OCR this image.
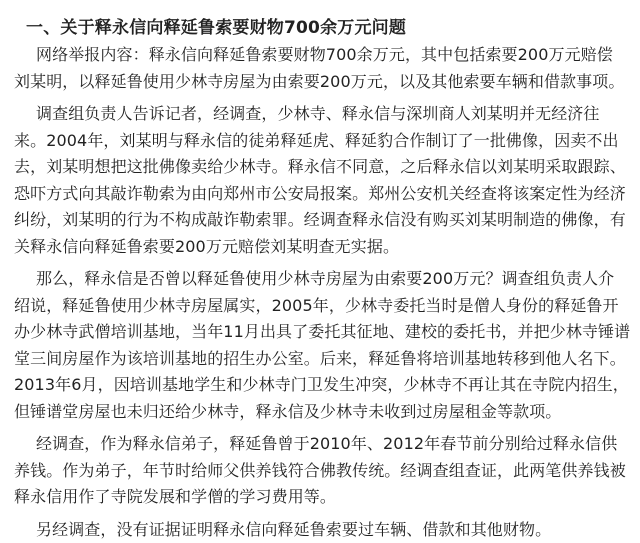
一、关于释永信向释延鲁索要财物700余万元问题
网络举报内容：释永信向释延鲁索要财物700余万元，其中包括索要200万元赔偿
刘某明，以释延鲁使用少林寺房屋为由索要200万元，以及其他索要车辆和借款事项。
调查组负责人告诉记者，经调查，少林寺、释永信与深圳商人刘某明并无经济往
来。2004年，刘某明与释永信的徒弟释延虎、释延豹合作制订了一批佛像，因卖不出
去，刘某明想把这批佛像卖给少林寺。释永信不同意，之后释永信以刘某明采取跟踪、
恐吓方式向其敲诈勒索为由向郑州市公安局报案。郑州公安机关经查将该案定性为经济
纠纷，刘某明的行为不构成敲诈勒索罪。经调查释永信没有购买刘某明制造的佛像，有
关释永信向释延鲁索要200万元赔偿刘某明查无实据。
那么，释永信是否曾以释延鲁使用少林寺房屋为由索要200万元？调查组负责人介
绍说，释延鲁使用少林寺房屋属实，2005年，少林寺委托当时是僧人身份的释延鲁开
办少林寺武僧培训基地，当年11月出具了委托其征地、建校的委托书，并把少林寺锤谱
堂三间房屋作为该培训基地的招生办公室。后来，释延鲁将培训基地转移到他人名下。
2013年6月，因培训基地学生和少林寺门卫发生冲突，少林寺不再让其在寺院内招生，
但锤谱堂房屋也未归还给少林寺，释永信及少林寺未收到过房屋租金等款项。
经调查，作为释永信弟子，释延鲁曾于2010年、2012年春节前分别给过释永信供
养钱。作为弟子，年节时给师父供养钱符合佛教传统。经调查组查证，此两笔供养钱被
释永信用作了寺院发展和学僧的学习费用等。
另经调查，没有证据证明释永信向释延鲁索要过车辆、借款和其他财物。
